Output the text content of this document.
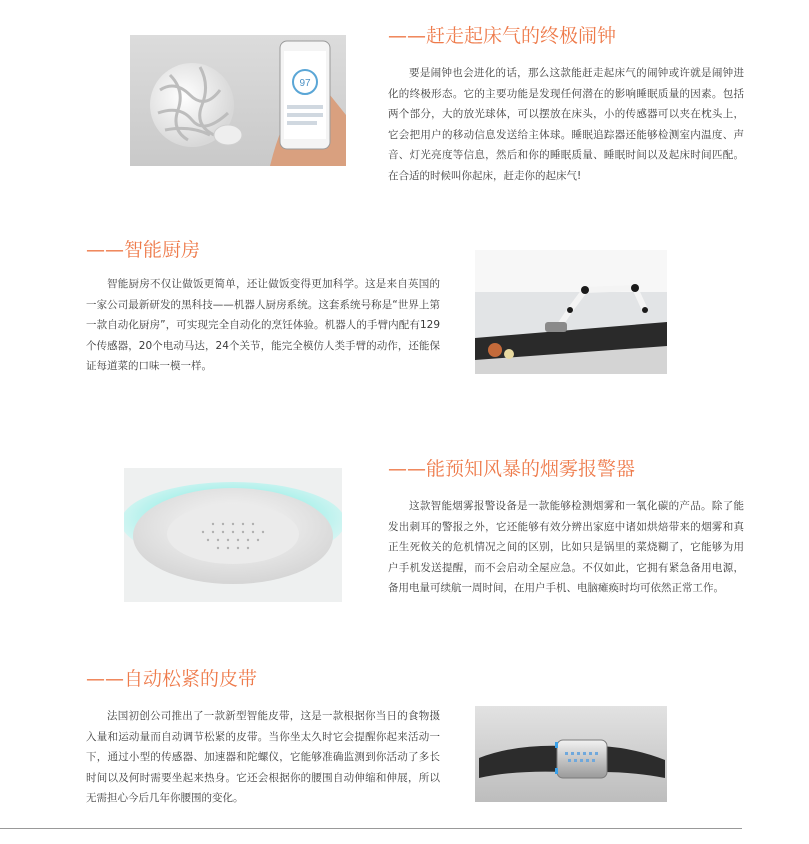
97
——赶走起床气的终极闹钟

要是闹钟也会进化的话，那么这款能赶走起床气的闹钟或许就是闹钟进化的终极形态。它的主要功能是发现任何潜在的影响睡眠质量的因素。包括两个部分，大的放光球体，可以摆放在床头，小的传感器可以夹在枕头上，它会把用户的移动信息发送给主体球。睡眠追踪器还能够检测室内温度、声音、灯光亮度等信息，然后和你的睡眠质量、睡眠时间以及起床时间匹配。在合适的时候叫你起床，赶走你的起床气!

——智能厨房

智能厨房不仅让做饭更简单，还让做饭变得更加科学。这是来自英国的一家公司最新研发的黑科技——机器人厨房系统。这套系统号称是“世界上第一款自动化厨房”，可实现完全自动化的烹饪体验。机器人的手臂内配有129个传感器，20个电动马达，24个关节，能完全模仿人类手臂的动作，还能保证每道菜的口味一模一样。

——能预知风暴的烟雾报警器

这款智能烟雾报警设备是一款能够检测烟雾和一氧化碳的产品。除了能发出刺耳的警报之外，它还能够有效分辨出家庭中诸如烘焙带来的烟雾和真正生死攸关的危机情况之间的区别，比如只是锅里的菜烧糊了，它能够为用户手机发送提醒，而不会启动全屋应急。不仅如此，它拥有紧急备用电源，备用电量可续航一周时间，在用户手机、电脑瘫痪时均可依然正常工作。

——自动松紧的皮带

法国初创公司推出了一款新型智能皮带，这是一款根据你当日的食物摄入量和运动量而自动调节松紧的皮带。当你坐太久时它会提醒你起来活动一下，通过小型的传感器、加速器和陀螺仪，它能够准确监测到你活动了多长时间以及何时需要坐起来热身。它还会根据你的腰围自动伸缩和伸展，所以无需担心今后几年你腰围的变化。
